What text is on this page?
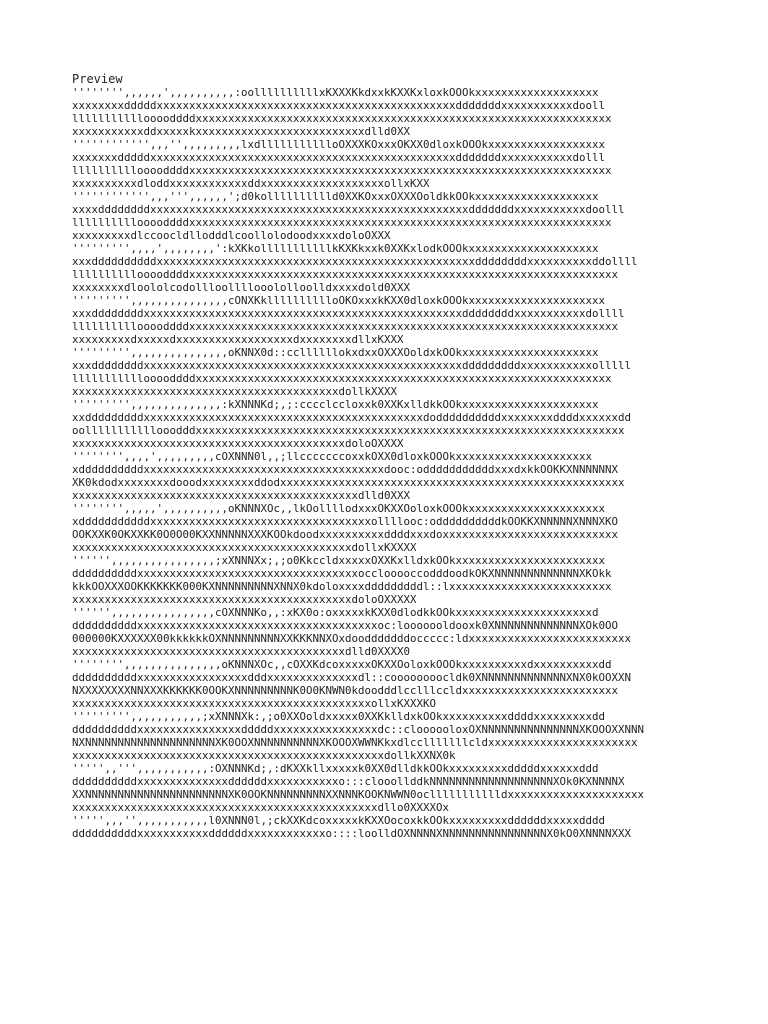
Preview
'''''''',,,,,,',,,,,,,,,,:oollllllllllxKXXXKkdxxkKXXKxloxkOOOkxxxxxxxxxxxxxxxxxxx
xxxxxxxxdddddxxxxxxxxxxxxxxxxxxxxxxxxxxxxxxxxxxxxxxxxxxxxxxdddddddxxxxxxxxxxxdooll
lllllllllllooooddddxxxxxxxxxxxxxxxxxxxxxxxxxxxxxxxxxxxxxxxxxxxxxxxxxxxxxxxxxxxxxxxx
xxxxxxxxxxxddxxxxxkxxxxxxxxxxxxxxxxxxxxxxxxxxdlld0XX
'''''''''''',,,'',,,,,,,,,lxdllllllllllloOXXXKOxxxOKXX0dloxkOOOkxxxxxxxxxxxxxxxxxx
xxxxxxxdddddxxxxxxxxxxxxxxxxxxxxxxxxxxxxxxxxxxxxxxxxxxxxxxxdddddddxxxxxxxxxxxdolll
llllllllllooooddddxxxxxxxxxxxxxxxxxxxxxxxxxxxxxxxxxxxxxxxxxxxxxxxxxxxxxxxxxxxxxxxxx
xxxxxxxxxxdloddxxxxxxxxxxxxddxxxxxxxxxxxxxxxxxxxollxKXX
'''''''''''',,,''',,,,,,';d0kolllllllllld0XXKOxxxOXXXOoldkkOOkxxxxxxxxxxxxxxxxxxx
xxxxddddddddxxxxxxxxxxxxxxxxxxxxxxxxxxxxxxxxxxxxxxxxxxxxxxxxxdddddddxxxxxxxxxxxdoolll
llllllllllooooddddxxxxxxxxxxxxxxxxxxxxxxxxxxxxxxxxxxxxxxxxxxxxxxxxxxxxxxxxxxxxxxxxx
xxxxxxxxxdlccoocldllodddlcoollolodoodxxxxdoloOXXX
''''''''',,,,',,,,,,,,':kXKkolllllllllllkKXKkxxk0XXKxlodkOOOkxxxxxxxxxxxxxxxxxxxx
xxxddddddddddxxxxxxxxxxxxxxxxxxxxxxxxxxxxxxxxxxxxxxxxxxxxxxxxxddddddddxxxxxxxxxxddollll
llllllllllooooddddxxxxxxxxxxxxxxxxxxxxxxxxxxxxxxxxxxxxxxxxxxxxxxxxxxxxxxxxxxxxxxxxxx
xxxxxxxxdloololcodollloollllooololloolldxxxxdold0XXX
''''''''',,,,,,,,,,,,,,,cONXKklllllllllloOKOxxxkKXX0dloxkOOOkxxxxxxxxxxxxxxxxxxxxx
xxxddddddddxxxxxxxxxxxxxxxxxxxxxxxxxxxxxxxxxxxxxxxxxxxxxxxxxddddddddxxxxxxxxxxxdollll
llllllllllooooddddxxxxxxxxxxxxxxxxxxxxxxxxxxxxxxxxxxxxxxxxxxxxxxxxxxxxxxxxxxxxxxxxxx
xxxxxxxxxdxxxxxdxxxxxxxxxxxxxxxxxxdxxxxxxxxdllxKXXX
''''''''',,,,,,,,,,,,,,,oKNNX0d::ccllllllokxdxxOXXXOoldxkOOkxxxxxxxxxxxxxxxxxxxxx
xxxddddddddxxxxxxxxxxxxxxxxxxxxxxxxxxxxxxxxxxxxxxxxxxxxxxxxxdddddddddxxxxxxxxxxxolllll
lllllllllllooooddddxxxxxxxxxxxxxxxxxxxxxxxxxxxxxxxxxxxxxxxxxxxxxxxxxxxxxxxxxxxxxxxx
xxxxxxxxxxxxxxxxxxxxxxxxxxxxxxxxxxxxxxxxxdollkXXXX
''''''''',,,,,,,,,,,,,,:kXNNNKd;,;:cccclccloxxk0XXKxlldkkOOkxxxxxxxxxxxxxxxxxxxxx
xxdddddddddxxxxxxxxxxxxxxxxxxxxxxxxxxxxxxxxxxxxxxxxxxxdoddddddddddxxxxxxxxddddxxxxxxdd
oolllllllllllooodddxxxxxxxxxxxxxxxxxxxxxxxxxxxxxxxxxxxxxxxxxxxxxxxxxxxxxxxxxxxxxxxxxx
xxxxxxxxxxxxxxxxxxxxxxxxxxxxxxxxxxxxxxxxxxdoloOXXXX
'''''''',,,,',,,,,,,,,cOXNNN0l,,;llcccccccoxxkOXX0dloxkOOOkxxxxxxxxxxxxxxxxxxxxx
xddddddddddxxxxxxxxxxxxxxxxxxxxxxxxxxxxxxxxxxxxxdooc:odddddddddddxxxdxkkOOKKXNNNNNNX
XK0kdodxxxxxxxxdooodxxxxxxxxddodxxxxxxxxxxxxxxxxxxxxxxxxxxxxxxxxxxxxxxxxxxxxxxxxxxxxx
xxxxxxxxxxxxxxxxxxxxxxxxxxxxxxxxxxxxxxxxxxxxdlld0XXX
'''''''',,,,,',,,,,,,,,,oKNNNXOc,,lkOollllodxxxOKXXOoloxkOOOkxxxxxxxxxxxxxxxxxxxxx
xdddddddddddxxxxxxxxxxxxxxxxxxxxxxxxxxxxxxxxxxollllooc:oddddddddddkOOKKXNNNNNXNNNXKO
OOKXXK0OKXXKK0O0O00KXXNNNNNXXXKOOkdoodxxxxxxxxxxddddxxxdoxxxxxxxxxxxxxxxxxxxxxxxxxxx
xxxxxxxxxxxxxxxxxxxxxxxxxxxxxxxxxxxxxxxxxxxdollxKXXXX
'''''',,,,,,,,,,,,,,,,;xXNNNXx;,;o0KkccldxxxxxOXXKxlldxkOOkxxxxxxxxxxxxxxxxxxxxxxx
ddddddddddxxxxxxxxxxxxxxxxxxxxxxxxxxxxxxxxxxocclooooccodddoodkOKXNNNNNNNNNNNNNXKOkk
kkkOOXXXOOKKKKKKK000KXNNNNNNNNNXNNX0kdoloxxxxdddddddddl::lxxxxxxxxxxxxxxxxxxxxxxxxx
xxxxxxxxxxxxxxxxxxxxxxxxxxxxxxxxxxxxxxxxxxxdoloOXXXXX
'''''',,,,,,,,,,,,,,,,cOXNNNKo,,:xKX0o:oxxxxxkKXX0dlodkkOOkxxxxxxxxxxxxxxxxxxxxxd
ddddddddddxxxxxxxxxxxxxxxxxxxxxxxxxxxxxxxxxxxxxoc:looooooldooxk0XNNNNNNNNNNNNNXOk0OO
000000KXXXXXX00kkkkkkOXNNNNNNNNNXXKKKNNXOxdoodddddddoccccc:ldxxxxxxxxxxxxxxxxxxxxxxxxx
xxxxxxxxxxxxxxxxxxxxxxxxxxxxxxxxxxxxxxxxxxdlld0XXXX0
'''''''',,,,,,,,,,,,,,,oKNNNXOc,,cOXXKdcoxxxxxOKXXOoloxkOOOkxxxxxxxxxxdxxxxxxxxxxdd
ddddddddddxxxxxxxxxxxxxxxxxdddxxxxxxxxxxxxxxdl::coooooooocldk0XNNNNNNNNNNNNNXNX0kOOXXN
NXXXXXXXXNNXXXKKKKKK0OOKXNNNNNNNNNK0O0KNWN0kdoodddlcclllccldxxxxxxxxxxxxxxxxxxxxxxxx
xxxxxxxxxxxxxxxxxxxxxxxxxxxxxxxxxxxxxxxxxxxxxxollxKXXXKO
''''''''',,,,,,,,,,,;xXNNNXk:,;o0XXOoldxxxxx0XXKklldxkOOkxxxxxxxxxxddddxxxxxxxxxdd
ddddddddddxxxxxxxxxxxxxxxxdddddxxxxxxxxxxxxxxxxdc::cloooooloxOXNNNNNNNNNNNNNNNXKOOOXXNNN
NXNNNNNNNNNNNNNNNNNNNNXK0OOXNNNNNNNNNNXKOOOXWWNKkxdlcclllllllcldxxxxxxxxxxxxxxxxxxxxxxx
xxxxxxxxxxxxxxxxxxxxxxxxxxxxxxxxxxxxxxxxxxxxxxxxdollkXXNX0k
''''',,''',,,,,,,,,,,:OXNNNKd;,:dKXXkllxxxxxk0XX0dlldkkOOkxxxxxxxxxdddddxxxxxxddd
ddddddddddxxxxxxxxxxxxxxddddddxxxxxxxxxxxo:::clooollddkNNNNNNNNNNNNNNNNNNNXOk0KXNNNNX
XXNNNNNNNNNNNNNNNNNNNNNNXK0OOKNNNNNNNNNXXNNNKOOKNWWN0ocllllllllllldxxxxxxxxxxxxxxxxxxxxx
xxxxxxxxxxxxxxxxxxxxxxxxxxxxxxxxxxxxxxxxxxxxxxxdllo0XXXXOx
''''',,,'',,,,,,,,,,,l0XNNN0l,;ckXXKdcoxxxxxkKXXOocoxkkOOkxxxxxxxxxddddddxxxxxdddd
ddddddddddxxxxxxxxxxxddddddxxxxxxxxxxxxo::::loolldOXNNNNXNNNNNNNNNNNNNNNNX0kO0XNNNNXXX
